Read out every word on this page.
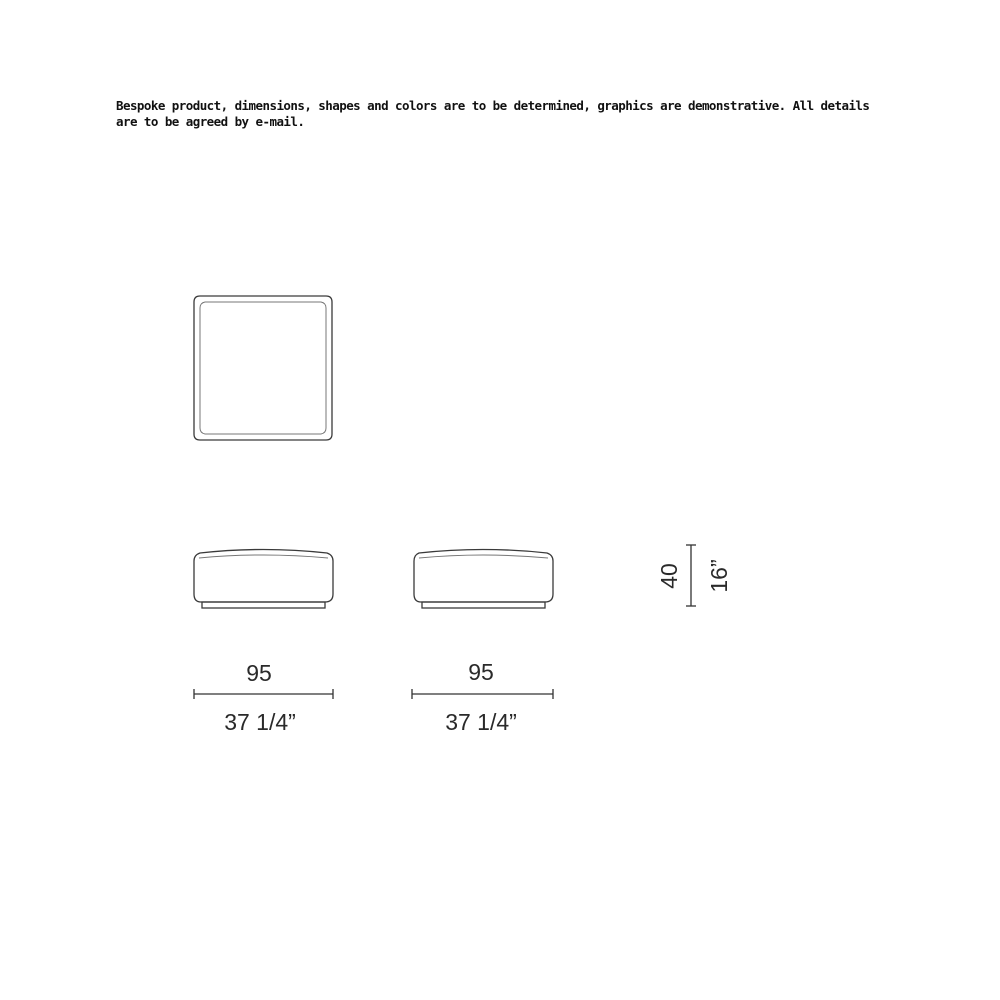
Bespoke product, dimensions, shapes and colors are to be determined, graphics are demonstrative. All details are to be agreed by e-mail.
95
37 1/4”
95
37 1/4”
40 16”
